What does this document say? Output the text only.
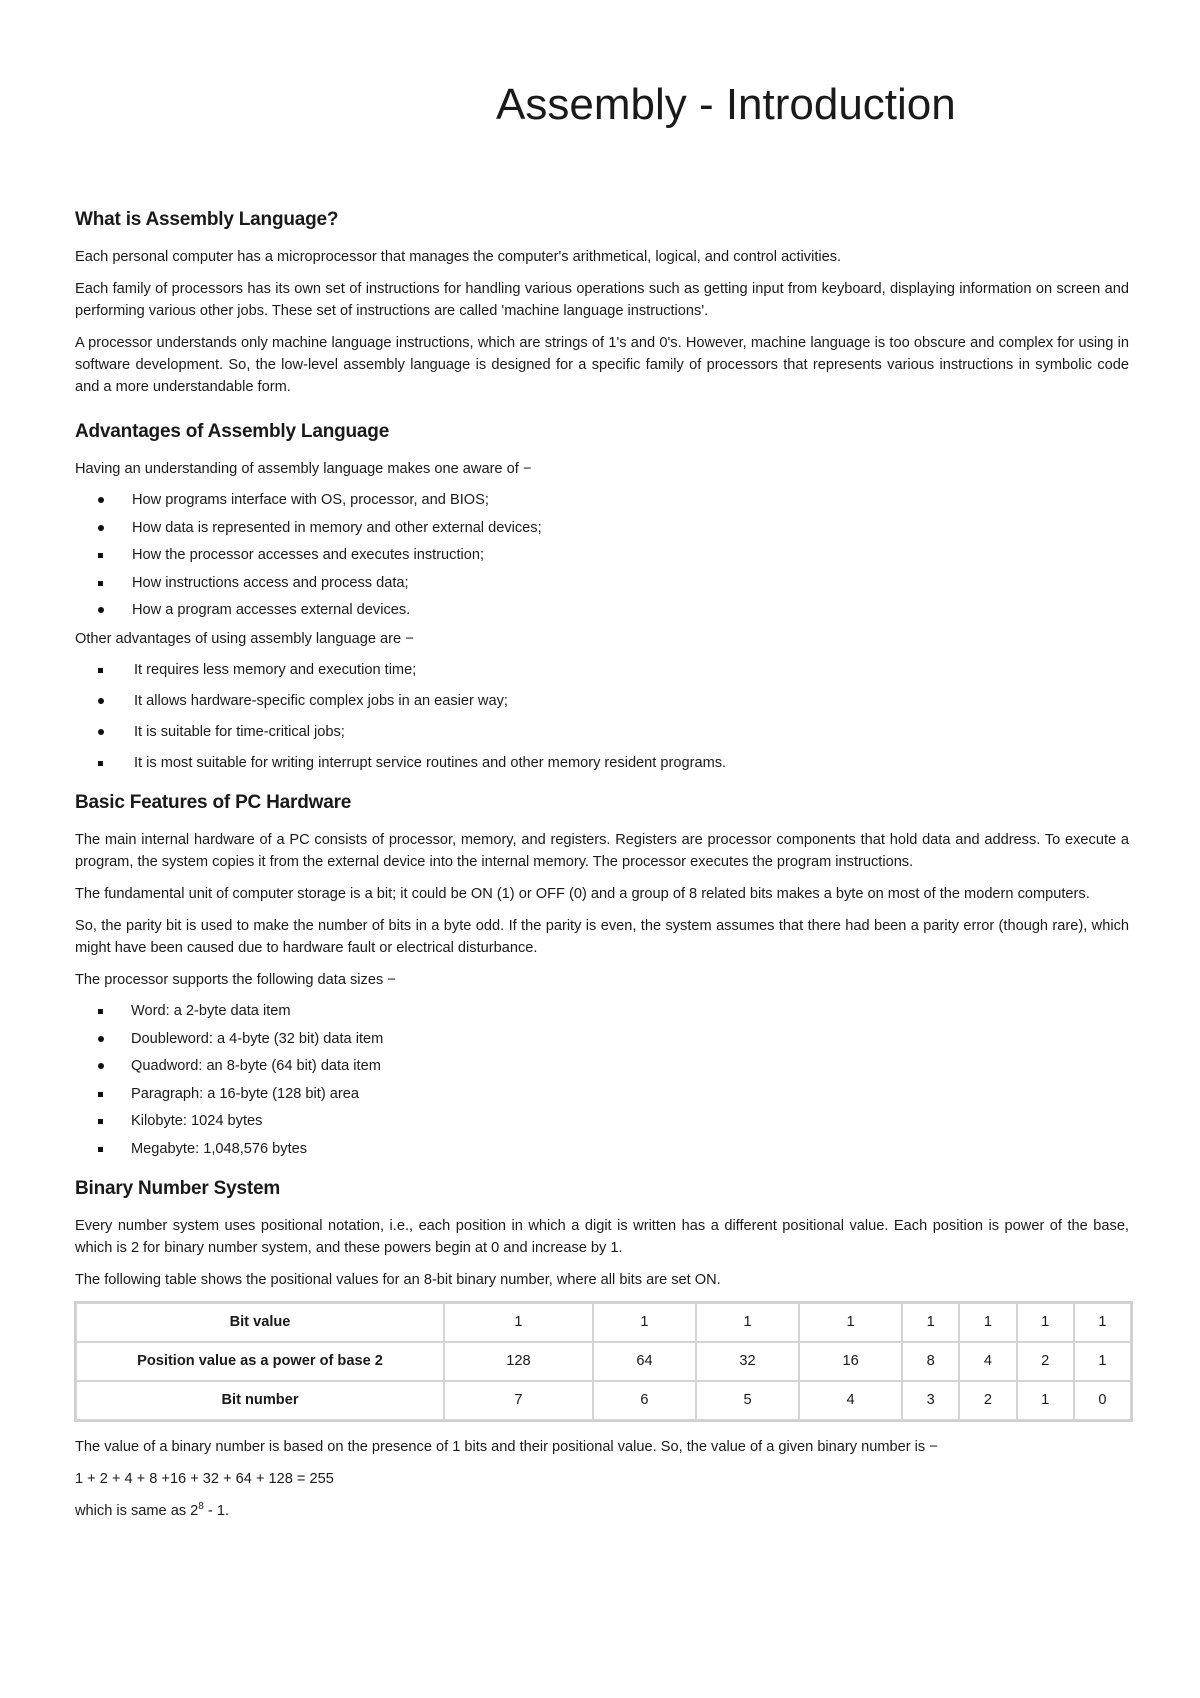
Assembly - Introduction
What is Assembly Language?

Each personal computer has a microprocessor that manages the computer's arithmetical, logical, and control activities.

Each family of processors has its own set of instructions for handling various operations such as getting input from keyboard, displaying information on screen and performing various other jobs. These set of instructions are called 'machine language instructions'.

A processor understands only machine language instructions, which are strings of 1's and 0's. However, machine language is too obscure and complex for using in software development. So, the low-level assembly language is designed for a specific family of processors that represents various instructions in symbolic code and a more understandable form.

Advantages of Assembly Language

Having an understanding of assembly language makes one aware of −

How programs interface with OS, processor, and BIOS;
How data is represented in memory and other external devices;
How the processor accesses and executes instruction;
How instructions access and process data;
How a program accesses external devices.

Other advantages of using assembly language are −

It requires less memory and execution time;
It allows hardware-specific complex jobs in an easier way;
It is suitable for time-critical jobs;
It is most suitable for writing interrupt service routines and other memory resident programs.
Basic Features of PC Hardware

The main internal hardware of a PC consists of processor, memory, and registers. Registers are processor components that hold data and address. To execute a program, the system copies it from the external device into the internal memory. The processor executes the program instructions.

The fundamental unit of computer storage is a bit; it could be ON (1) or OFF (0) and a group of 8 related bits makes a byte on most of the modern computers.

So, the parity bit is used to make the number of bits in a byte odd. If the parity is even, the system assumes that there had been a parity error (though rare), which might have been caused due to hardware fault or electrical disturbance.

The processor supports the following data sizes −

Word: a 2-byte data item
Doubleword: a 4-byte (32 bit) data item
Quadword: an 8-byte (64 bit) data item
Paragraph: a 16-byte (128 bit) area
Kilobyte: 1024 bytes
Megabyte: 1,048,576 bytes
Binary Number System

Every number system uses positional notation, i.e., each position in which a digit is written has a different positional value. Each position is power of the base, which is 2 for binary number system, and these powers begin at 0 and increase by 1.

The following table shows the positional values for an 8-bit binary number, where all bits are set ON.

Bit value	1	1	1	1	1	1	1	1
Position value as a power of base 2	128	64	32	16	8	4	2	1
Bit number	7	6	5	4	3	2	1	0

The value of a binary number is based on the presence of 1 bits and their positional value. So, the value of a given binary number is −

1 + 2 + 4 + 8 +16 + 32 + 64 + 128 = 255

which is same as $2^8 - 1$.
